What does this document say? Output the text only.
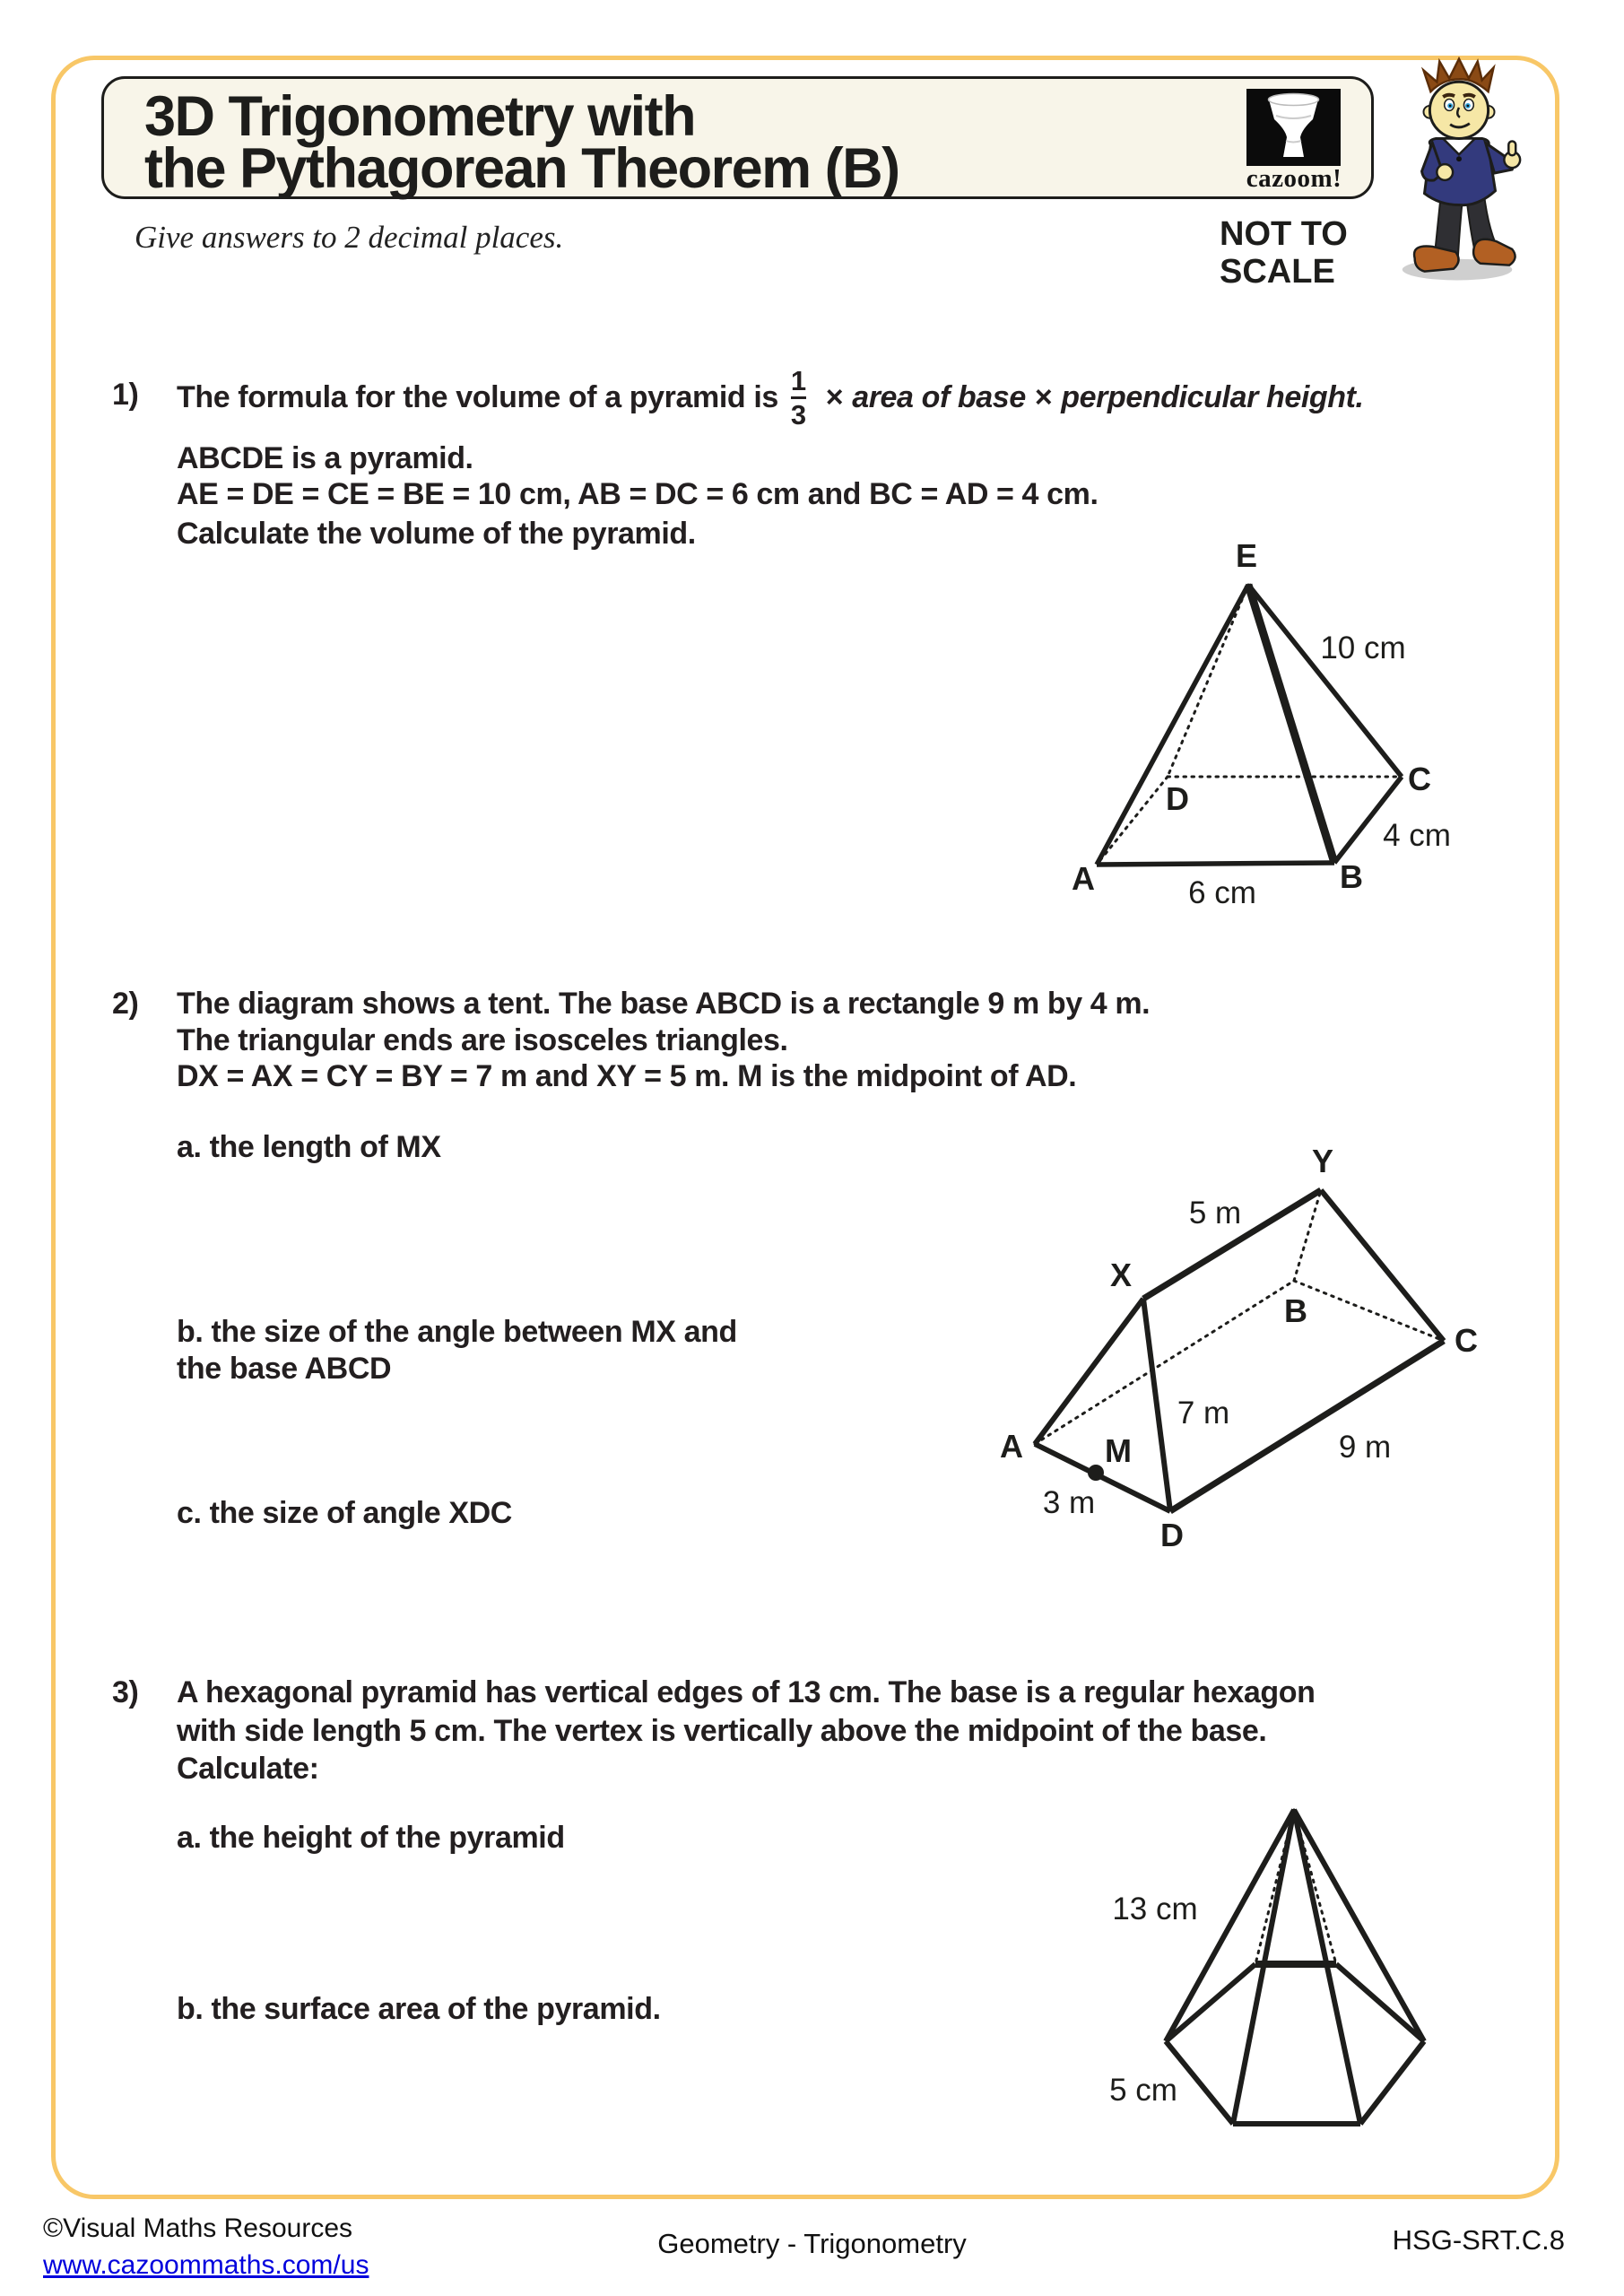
3D Trigonometry with
the Pythagorean Theorem (B)	cazoom!
Give answers to 2 decimal places.	NOT TO
SCALE
1) The formula for the volume of a pyramid is $\frac{1}{3}$ × area of base × perpendicular height.
ABCDE is a pyramid.
AE = DE = CE = BE = 10 cm, AB = DC = 6 cm and BC = AD = 4 cm.
Calculate the volume of the pyramid.
E
A	B
C
D
10 cm
4 cm
6 cm
2) The diagram shows a tent. The base ABCD is a rectangle 9 m by 4 m.
The triangular ends are isosceles triangles.
DX = AX = CY = BY = 7 m and XY = 5 m. M is the midpoint of AD.
a. the length of MX
b. the size of the angle between MX and
the base ABCD
c. the size of angle XDC
Y
X
A
B
C
D
M
5 m
7 m
9 m
3 m
3) A hexagonal pyramid has vertical edges of 13 cm. The base is a regular hexagon
with side length 5 cm. The vertex is vertically above the midpoint of the base.
Calculate:
a. the height of the pyramid
b. the surface area of the pyramid.
13 cm
5 cm
©Visual Maths Resources
www.cazoommaths.com/us
Geometry - Trigonometry	HSG-SRT.C.8
